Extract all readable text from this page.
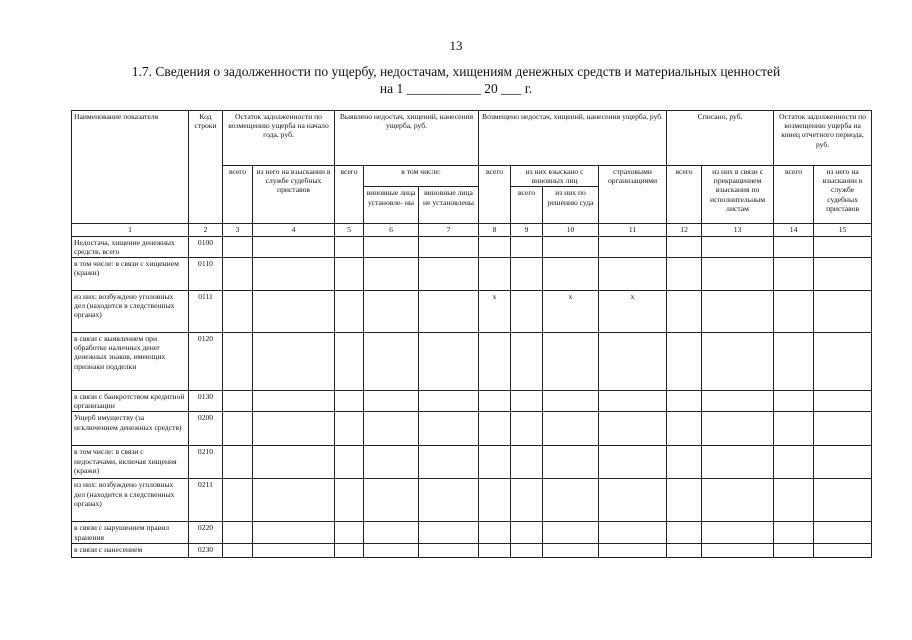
13
1.7. Сведения о задолженности по ущербу, недостачам, хищениям денежных средств и материальных ценностей
на 1 ___________ 20 ___ г.
Наименование показателя	Код строки	Остаток задолженности по возмещению ущерба на начало года, руб.		Выявлено недостач, хищений, нанесения ущерба, руб.			Возмещено недостач, хищений, нанесения ущерба, руб.				Списано, руб.		Остаток задолженности по возмещению ущерба на конец отчетного периода, руб.	
		всего	из него на взыскании в службе судебных приставов	всего	в том числе:		всего	из них взыскано с виновных лиц		страховыми организациями	всего	из них в связи с прекращением взыскания по исполнительным листам	всего	из него на взыскании в службе судебных приставов
					виновные лица установле- ны	виновные лица не установлены		всего	из них по решению суда					
1	2	3	4	5	6	7	8	9	10	11	12	13	14	15
Недостача, хищение денежных средств, всего	0100													
в том числе: в связи с хищением (кражи)	0110													
из них: возбуждено уголовных дел (находится в следственных органах)	0111						x		x	x				
в связи с выявлением при обработке наличных денег денежных знаков, имеющих признаки подделки	0120													
в связи с банкротством кредитной организации	0130													
Ущерб имуществу (за исключением денежных средств)	0200													
в том числе: в связи с недостачами, включая хищения (кражи)	0210													
из них: возбуждено уголовных дел (находится в следственных органах)	0211													
в связи с нарушением правил хранения	0220													
в связи с нанесением	0230													
